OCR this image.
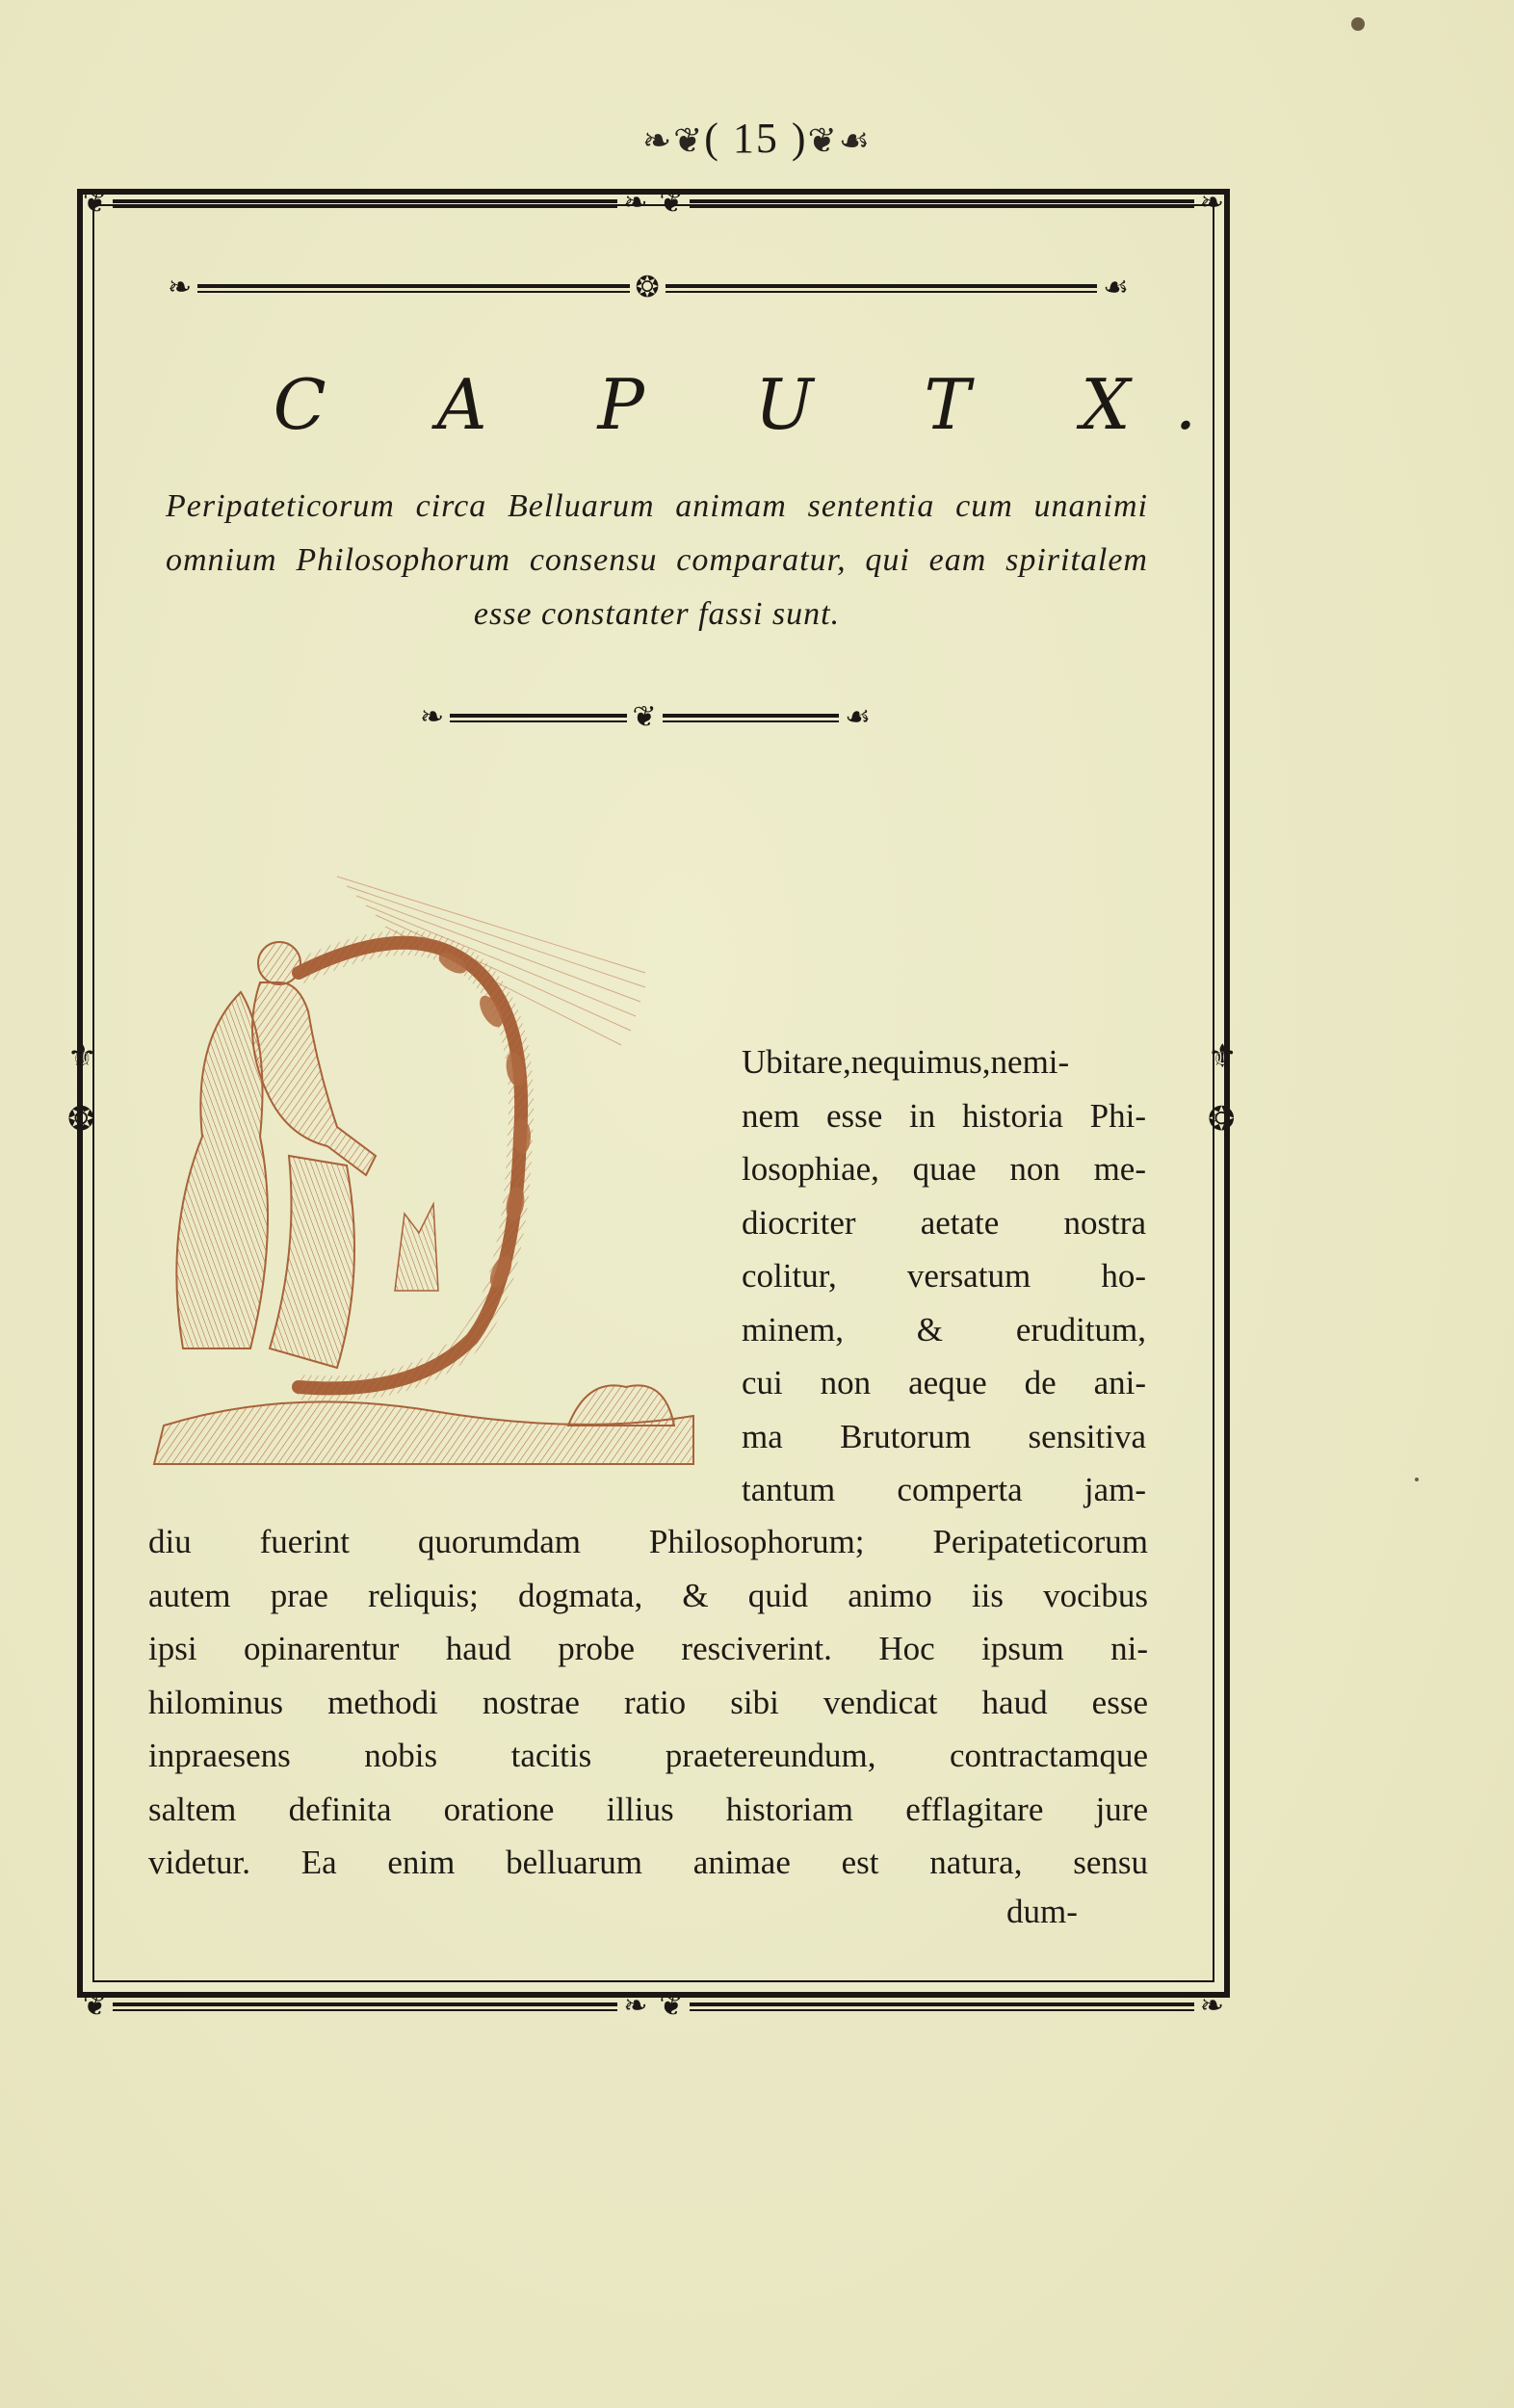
❧❦( 15 )❦☙
❦	❧ ❦	❧
❦	❧ ❦	❧
⚜
❂
⚜
❂
❧	❂	☙
C A P U T X.
Peripateticorum circa Belluarum animam sententia cum unanimi omnium Philosophorum consensu comparatur, qui eam spiritalem esse constanter fassi sunt.
❧	❦	☙
Ubitare,nequimus,nemi-
nem esse in historia Phi-
losophiae, quae non me-
diocriter aetate nostra
colitur, versatum ho-
minem, & eruditum,
cui non aeque de ani-
ma Brutorum sensitiva
tantum comperta jam-
diu fuerint quorumdam Philosophorum; Peripateticorum
autem prae reliquis; dogmata, & quid animo iis vocibus
ipsi opinarentur haud probe resciverint. Hoc ipsum ni-
hilominus methodi nostrae ratio sibi vendicat haud esse
inpraesens nobis tacitis praetereundum, contractamque
saltem definita oratione illius historiam efflagitare jure
videtur. Ea enim belluarum animae est natura, sensu
dum-
